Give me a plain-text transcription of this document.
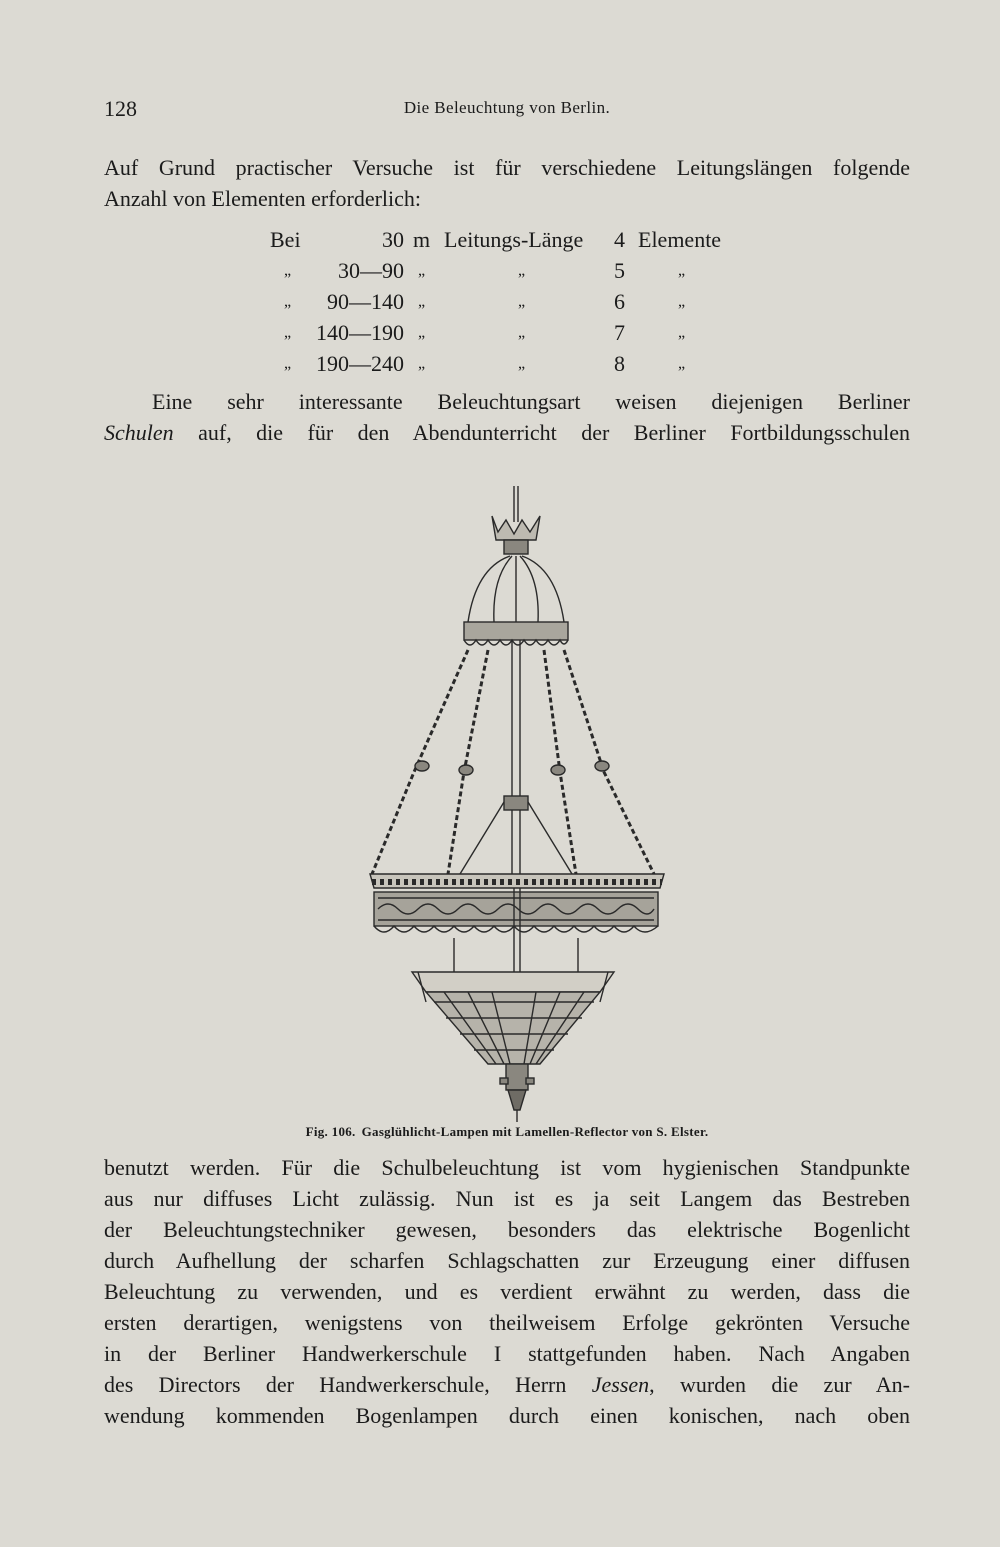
128	Die Beleuchtung von Berlin.
Auf Grund practischer Versuche ist für verschiedene Leitungslängen folgende
Anzahl von Elementen erforderlich:
Bei	30 m Leitungs-Länge 4 Elemente
„ 30—90 „	„	5	„
„ 90—140 „	„	6	„
„ 140—190 „	„	7	„
„ 190—240 „	„	8	„
Eine sehr interessante Beleuchtungsart weisen diejenigen Berliner
Schulen auf, die für den Abendunterricht der Berliner Fortbildungsschulen
Fig. 106. Gasglühlicht-Lampen mit Lamellen-Reflector von S. Elster.
benutzt werden. Für die Schulbeleuchtung ist vom hygienischen Standpunkte
aus nur diffuses Licht zulässig. Nun ist es ja seit Langem das Bestreben
der Beleuchtungstechniker gewesen, besonders das elektrische Bogenlicht
durch Aufhellung der scharfen Schlagschatten zur Erzeugung einer diffusen
Beleuchtung zu verwenden, und es verdient erwähnt zu werden, dass die
ersten derartigen, wenigstens von theilweisem Erfolge gekrönten Versuche
in der Berliner Handwerkerschule I stattgefunden haben. Nach Angaben
des Directors der Handwerkerschule, Herrn Jessen, wurden die zur An-
wendung kommenden Bogenlampen durch einen konischen, nach oben
